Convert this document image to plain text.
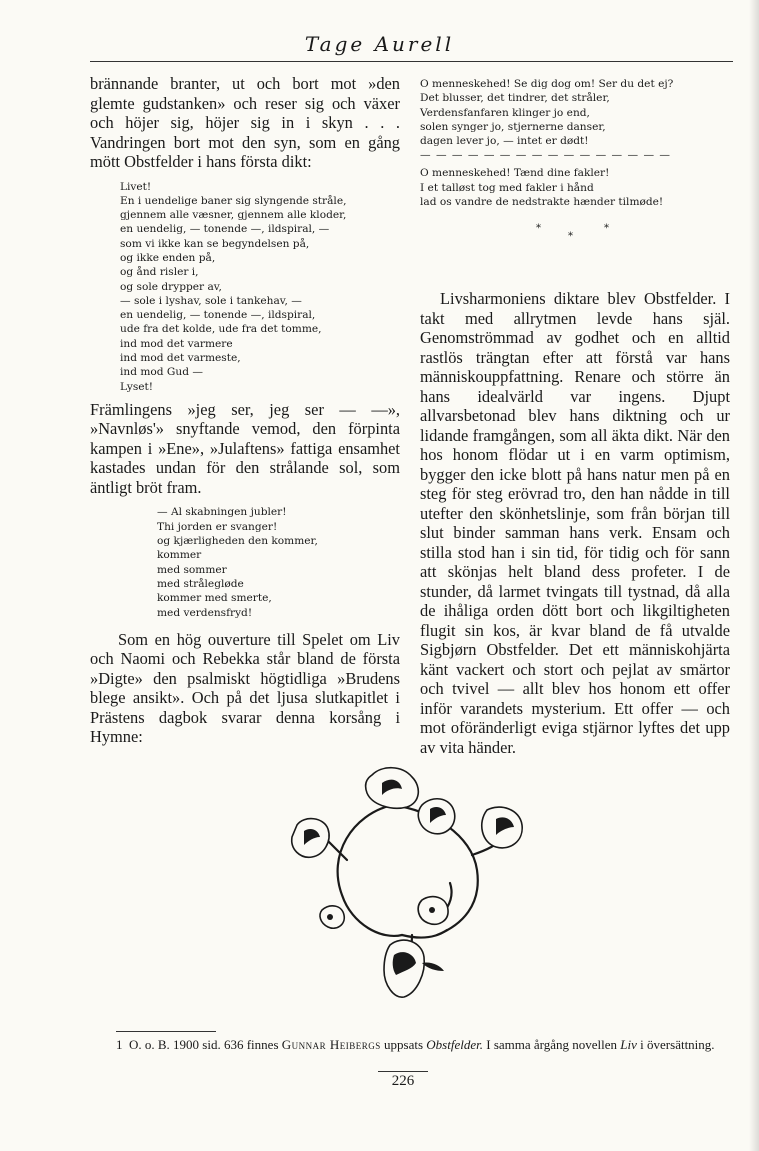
Tage Aurell

brännande branter, ut och bort mot »den glemte gudstanken» och reser sig och växer och höjer sig, höjer sig in i skyn . . . Vandringen bort mot den syn, som en gång mött Obstfelder i hans första dikt:

Livet!
En i uendelige baner sig slyngende stråle,
gjennem alle væsner, gjennem alle kloder,
en uendelig, — tonende —, ildspiral, —
som vi ikke kan se begyndelsen på,
og ikke enden på,
og ånd risler i,
og sole drypper av,
— sole i lyshav, sole i tankehav, —
en uendelig, — tonende —, ildspiral,
ude fra det kolde, ude fra det tomme,
ind mod det varmere
ind mod det varmeste,
ind mod Gud —
Lyset!

Främlingens »jeg ser, jeg ser — —», »Navnløs'» snyftande vemod, den förpinta kampen i »Ene», »Julaftens» fattiga ensamhet kastades undan för den strålande sol, som äntligt bröt fram.

— Al skabningen jubler!
Thi jorden er svanger!
og kjærligheden den kommer,
kommer
med sommer
med strålegløde
kommer med smerte,
med verdensfryd!

Som en hög ouverture till Spelet om Liv och Naomi och Rebekka står bland de första »Digte» den psalmiskt högtidliga »Brudens blege ansikt». Och på det ljusa slutkapitlet i Prästens dagbok svarar denna korsång i Hymne:

O menneskehed! Se dig dog om! Ser du det ej?
Det blusser, det tindrer, det stråler,
Verdensfanfaren klinger jo end,
solen synger jo, stjernerne danser,
dagen lever jo, — intet er dødt!

— — — — — — — — — — — — — — — —

O menneskehed! Tænd dine fakler!
I et talløst tog med fakler i hånd
lad os vandre de nedstrakte hænder tilmøde!
*
*
*

Livsharmoniens diktare blev Obstfelder. I takt med allrytmen levde hans själ. Genomströmmad av godhet och en alltid rastlös trängtan efter att förstå var hans människouppfattning. Renare och större än hans idealvärld var ingens. Djupt allvarsbetonad blev hans diktning och ur lidande framgången, som all äkta dikt. När den hos honom flödar ut i en varm optimism, bygger den icke blott på hans natur men på en steg för steg erövrad tro, den han nådde in till utefter den skönhetslinje, som från början till slut binder samman hans verk. Ensam och stilla stod han i sin tid, för tidig och för sann att skönjas helt bland dess profeter. I de stunder, då larmet tvingats till tystnad, då alla de ihåliga orden dött bort och likgiltigheten flugit sin kos, är kvar bland de få utvalde Sigbjørn Obstfelder. Det ett människohjärta känt vackert och stort och pejlat av smärtor och tvivel — allt blev hos honom ett offer inför varandets mysterium. Ett offer — och mot oföränderligt eviga stjärnor lyftes det upp av vita händer.

1 O. o. B. 1900 sid. 636 finnes Gunnar Heibergs uppsats Obstfelder. I samma årgång novellen Liv i översättning.
226
